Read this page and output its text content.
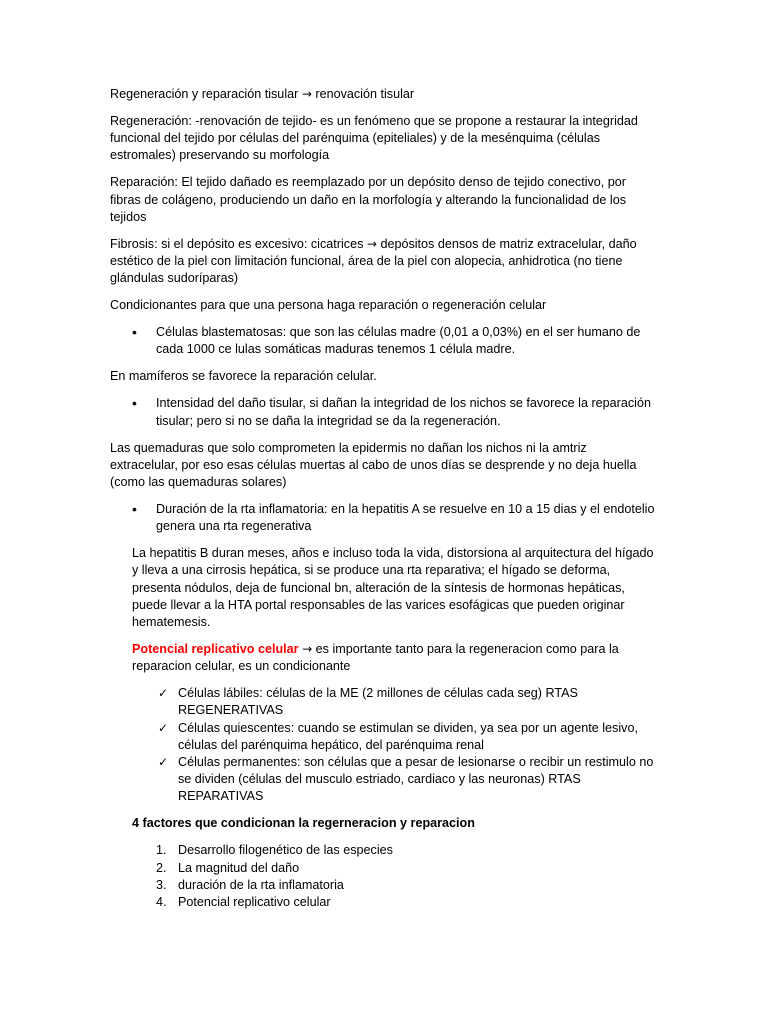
Regeneración y reparación tisular → renovación tisular

Regeneración: -renovación de tejido- es un fenómeno que se propone a restaurar la integridad funcional del tejido por células del parénquima (epiteliales) y de la mesénquima (células estromales) preservando su morfología

Reparación: El tejido dañado es reemplazado por un depósito denso de tejido conectivo, por fibras de colágeno, produciendo un daño en la morfología y alterando la funcionalidad de los tejidos

Fibrosis: si el depósito es excesivo: cicatrices → depósitos densos de matriz extracelular, daño estético de la piel con limitación funcional, área de la piel con alopecia, anhidrotica (no tiene glándulas sudoríparas)

Condicionantes para que una persona haga reparación o regeneración celular

• Células blastematosas: que son las células madre (0,01 a 0,03%) en el ser humano de cada 1000 ce lulas somáticas maduras tenemos 1 célula madre.

En mamíferos se favorece la reparación celular.

• Intensidad del daño tisular, si dañan la integridad de los nichos se favorece la reparación tisular; pero si no se daña la integridad se da la regeneración.

Las quemaduras que solo comprometen la epidermis no dañan los nichos ni la amtriz extracelular, por eso esas células muertas al cabo de unos días se desprende y no deja huella (como las quemaduras solares)

• Duración de la rta inflamatoria: en la hepatitis A se resuelve en 10 a 15 dias y el endotelio genera una rta regenerativa

La hepatitis B duran meses, años e incluso toda la vida, distorsiona al arquitectura del hígado y lleva a una cirrosis hepática, si se produce una rta reparativa; el hígado se deforma, presenta nódulos, deja de funcional bn, alteración de la síntesis de hormonas hepáticas, puede llevar a la HTA portal responsables de las varices esofágicas que pueden originar hematemesis.

Potencial replicativo celular → es importante tanto para la regeneracion como para la reparacion celular, es un condicionante

✓ Células lábiles: células de la ME (2 millones de células cada seg) RTAS REGENERATIVAS
✓ Células quiescentes: cuando se estimulan se dividen, ya sea por un agente lesivo, células del parénquima hepático, del parénquima renal
✓ Células permanentes: son células que a pesar de lesionarse o recibir un restimulo no se dividen (células del musculo estriado, cardiaco y las neuronas) RTAS REPARATIVAS

4 factores que condicionan la regerneracion y reparacion

1. Desarrollo filogenético de las especies
2. La magnitud del daño
3. duración de la rta inflamatoria
4. Potencial replicativo celular
